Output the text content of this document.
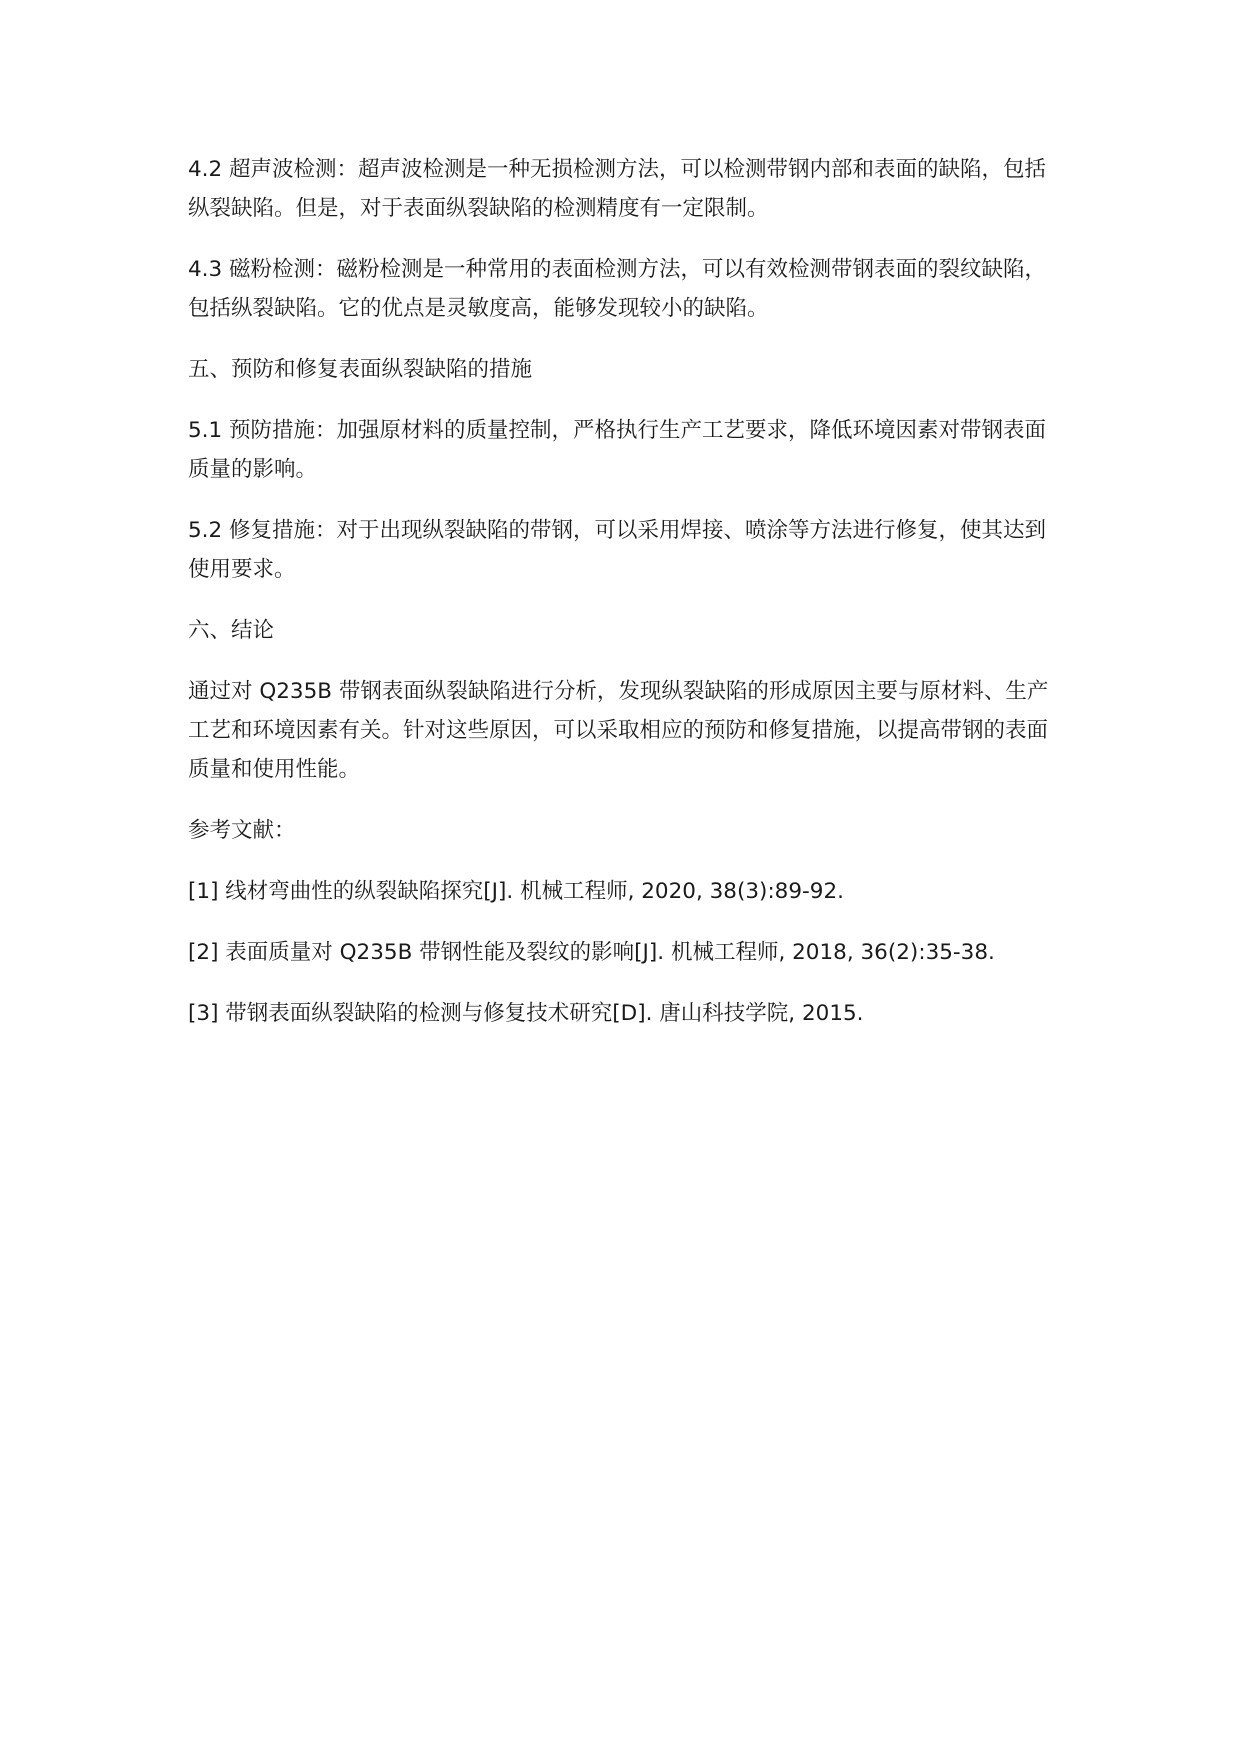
4.2 超声波检测：超声波检测是一种无损检测方法，可以检测带钢内部和表面的缺陷，包括纵裂缺陷。但是，对于表面纵裂缺陷的检测精度有一定限制。

4.3 磁粉检测：磁粉检测是一种常用的表面检测方法，可以有效检测带钢表面的裂纹缺陷，包括纵裂缺陷。它的优点是灵敏度高，能够发现较小的缺陷。

五、预防和修复表面纵裂缺陷的措施

5.1 预防措施：加强原材料的质量控制，严格执行生产工艺要求，降低环境因素对带钢表面质量的影响。

5.2 修复措施：对于出现纵裂缺陷的带钢，可以采用焊接、喷涂等方法进行修复，使其达到使用要求。

六、结论

通过对 Q235B 带钢表面纵裂缺陷进行分析，发现纵裂缺陷的形成原因主要与原材料、生产工艺和环境因素有关。针对这些原因，可以采取相应的预防和修复措施，以提高带钢的表面质量和使用性能。

参考文献：

[1] 线材弯曲性的纵裂缺陷探究[J]. 机械工程师, 2020, 38(3):89-92.

[2] 表面质量对 Q235B 带钢性能及裂纹的影响[J]. 机械工程师, 2018, 36(2):35-38.

[3] 带钢表面纵裂缺陷的检测与修复技术研究[D]. 唐山科技学院, 2015.
